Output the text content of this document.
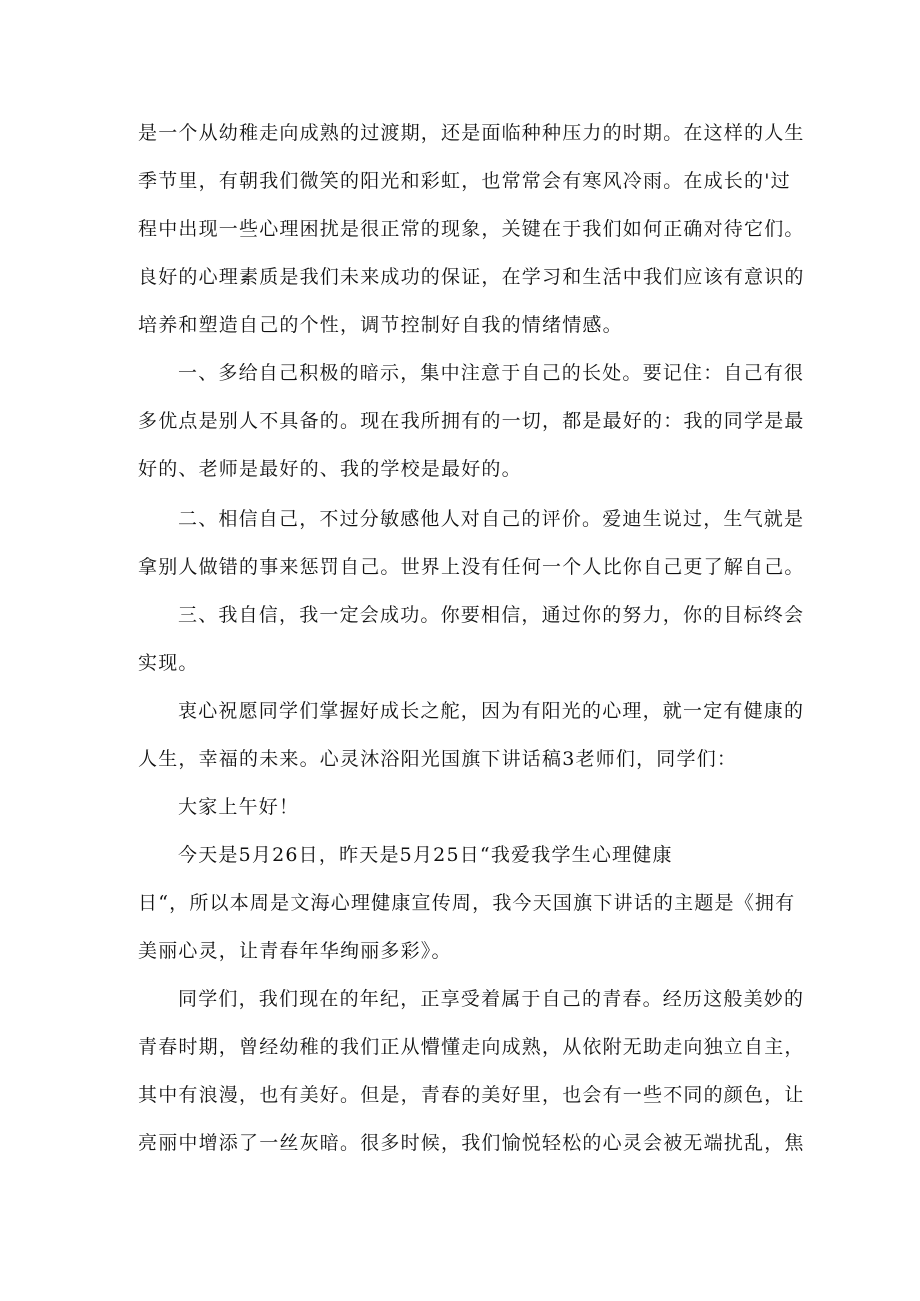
是一个从幼稚走向成熟的过渡期，还是面临种种压力的时期。在这样的人生
季节里，有朝我们微笑的阳光和彩虹，也常常会有寒风冷雨。在成长的'过
程中出现一些心理困扰是很正常的现象，关键在于我们如何正确对待它们。
良好的心理素质是我们未来成功的保证，在学习和生活中我们应该有意识的
培养和塑造自己的个性，调节控制好自我的情绪情感。
一、多给自己积极的暗示，集中注意于自己的长处。要记住：自己有很
多优点是别人不具备的。现在我所拥有的一切，都是最好的：我的同学是最
好的、老师是最好的、我的学校是最好的。
二、相信自己，不过分敏感他人对自己的评价。爱迪生说过，生气就是
拿别人做错的事来惩罚自己。世界上没有任何一个人比你自己更了解自己。
三、我自信，我一定会成功。你要相信，通过你的努力，你的目标终会
实现。
衷心祝愿同学们掌握好成长之舵，因为有阳光的心理，就一定有健康的
人生，幸福的未来。心灵沐浴阳光国旗下讲话稿3老师们，同学们：
大家上午好！
今天是5月26日，昨天是5月25日“我爱我学生心理健康
日“，所以本周是文海心理健康宣传周，我今天国旗下讲话的主题是《拥有
美丽心灵，让青春年华绚丽多彩》。
同学们，我们现在的年纪，正享受着属于自己的青春。经历这般美妙的
青春时期，曾经幼稚的我们正从懵懂走向成熟，从依附无助走向独立自主，
其中有浪漫，也有美好。但是，青春的美好里，也会有一些不同的颜色，让
亮丽中增添了一丝灰暗。很多时候，我们愉悦轻松的心灵会被无端扰乱，焦
